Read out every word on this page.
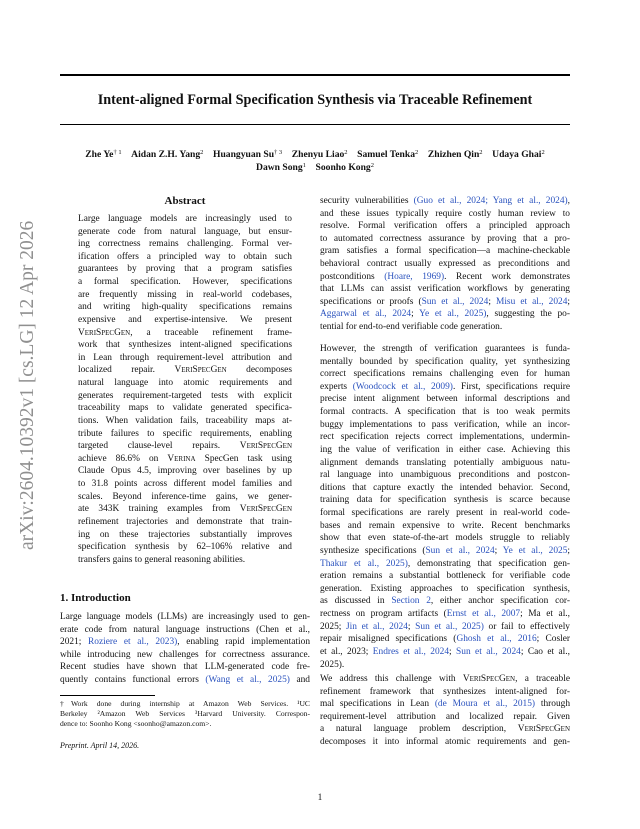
Intent-aligned Formal Specification Synthesis via Traceable Refinement
Zhe Ye$^{\dagger 1}$  Aidan Z.H. Yang$^2$  Huangyuan Su$^{\dagger 3}$  Zhenyu Liao$^2$  Samuel Tenka$^2$  Zhizhen Qin$^2$  Udaya Ghai$^2$
Dawn Song$^1$  Soonho Kong$^2$
arXiv:2604.10392v1 [cs.LG] 12 Apr 2026
Abstract
Large language models are increasingly used to
generate code from natural language, but ensur-
ing correctness remains challenging. Formal ver-
ification offers a principled way to obtain such
guarantees by proving that a program satisfies
a formal specification. However, specifications
are frequently missing in real-world codebases,
and writing high-quality specifications remains
expensive and expertise-intensive. We present
VeriSpecGen, a traceable refinement frame-
work that synthesizes intent-aligned specifications
in Lean through requirement-level attribution and
localized repair. VeriSpecGen decomposes
natural language into atomic requirements and
generates requirement-targeted tests with explicit
traceability maps to validate generated specifica-
tions. When validation fails, traceability maps at-
tribute failures to specific requirements, enabling
targeted clause-level repairs. VeriSpecGen
achieve 86.6% on Verina SpecGen task using
Claude Opus 4.5, improving over baselines by up
to 31.8 points across different model families and
scales. Beyond inference-time gains, we gener-
ate 343K training examples from VeriSpecGen
refinement trajectories and demonstrate that train-
ing on these trajectories substantially improves
specification synthesis by 62–106% relative and
transfers gains to general reasoning abilities.
1. Introduction
Large language models (LLMs) are increasingly used to gen-
erate code from natural language instructions (Chen et al.,
2021; Roziere et al., 2023), enabling rapid implementation
while introducing new challenges for correctness assurance.
Recent studies have shown that LLM-generated code fre-
quently contains functional errors (Wang et al., 2025) and
†Work done during internship at Amazon Web Services. ¹UC
Berkeley ²Amazon Web Services ³Harvard University. Correspon-
dence to: Soonho Kong <soonho@amazon.com>.
Preprint. April 14, 2026.
security vulnerabilities (Guo et al., 2024; Yang et al., 2024),
and these issues typically require costly human review to
resolve. Formal verification offers a principled approach
to automated correctness assurance by proving that a pro-
gram satisfies a formal specification—a machine-checkable
behavioral contract usually expressed as preconditions and
postconditions (Hoare, 1969). Recent work demonstrates
that LLMs can assist verification workflows by generating
specifications or proofs (Sun et al., 2024; Misu et al., 2024;
Aggarwal et al., 2024; Ye et al., 2025), suggesting the po-
tential for end-to-end verifiable code generation.
However, the strength of verification guarantees is funda-
mentally bounded by specification quality, yet synthesizing
correct specifications remains challenging even for human
experts (Woodcock et al., 2009). First, specifications require
precise intent alignment between informal descriptions and
formal contracts. A specification that is too weak permits
buggy implementations to pass verification, while an incor-
rect specification rejects correct implementations, undermin-
ing the value of verification in either case. Achieving this
alignment demands translating potentially ambiguous natu-
ral language into unambiguous preconditions and postcon-
ditions that capture exactly the intended behavior. Second,
training data for specification synthesis is scarce because
formal specifications are rarely present in real-world code-
bases and remain expensive to write. Recent benchmarks
show that even state-of-the-art models struggle to reliably
synthesize specifications (Sun et al., 2024; Ye et al., 2025;
Thakur et al., 2025), demonstrating that specification gen-
eration remains a substantial bottleneck for verifiable code
generation. Existing approaches to specification synthesis,
as discussed in Section 2, either anchor specification cor-
rectness on program artifacts (Ernst et al., 2007; Ma et al.,
2025; Jin et al., 2024; Sun et al., 2025) or fail to effectively
repair misaligned specifications (Ghosh et al., 2016; Cosler
et al., 2023; Endres et al., 2024; Sun et al., 2024; Cao et al.,
2025).
We address this challenge with VeriSpecGen, a traceable
refinement framework that synthesizes intent-aligned for-
mal specifications in Lean (de Moura et al., 2015) through
requirement-level attribution and localized repair. Given
a natural language problem description, VeriSpecGen
decomposes it into informal atomic requirements and gen-
1
